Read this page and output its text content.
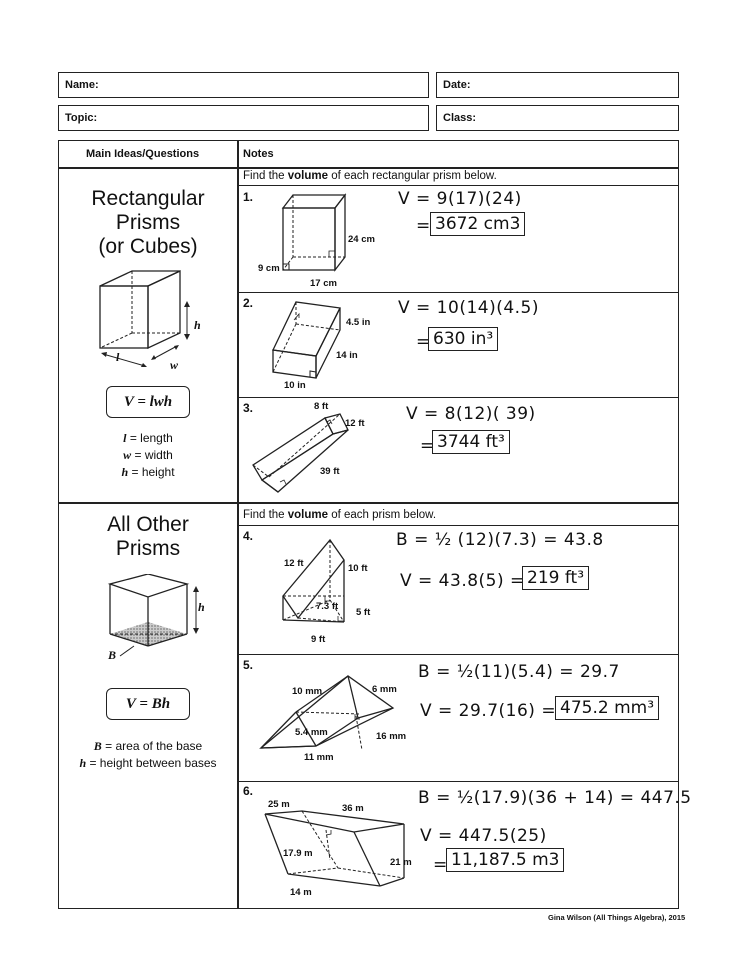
Name:	Date:
Topic:	Class:
Main Ideas/Questions	Notes
Rectangular
Prisms
(or Cubes)
h
l
w
V = lwh
l = length
w = width
h = height
Find the volume of each rectangular prism below.
1.
24 cm
9 cm
17 cm
V = 9(17)(24)
= 3672 cm3
2.
4.5 in
14 in
10 in
V = 10(14)(4.5)
= 630 in³
3.	8 ft
12 ft
39 ft
V = 8(12)( 39)
= 3744 ft³
All Other
Prisms
h
B
V = Bh
B = area of the base
h = height between bases
Find the volume of each prism below.
4.
12 ft	10 ft
7.3 ft
5 ft
9 ft
B = ½ (12)(7.3) = 43.8
V = 43.8(5) = 219 ft³
5.
10 mm	6 mm
5.4 mm	16 mm
11 mm
B = ½(11)(5.4) = 29.7
V = 29.7(16) = 475.2 mm³
6.
25 m	36 m
17.9 m
21 m
14 m
B = ½(17.9)(36 + 14) = 447.5
V = 447.5(25)
= 11,187.5 m3
Gina Wilson (All Things Algebra), 2015
